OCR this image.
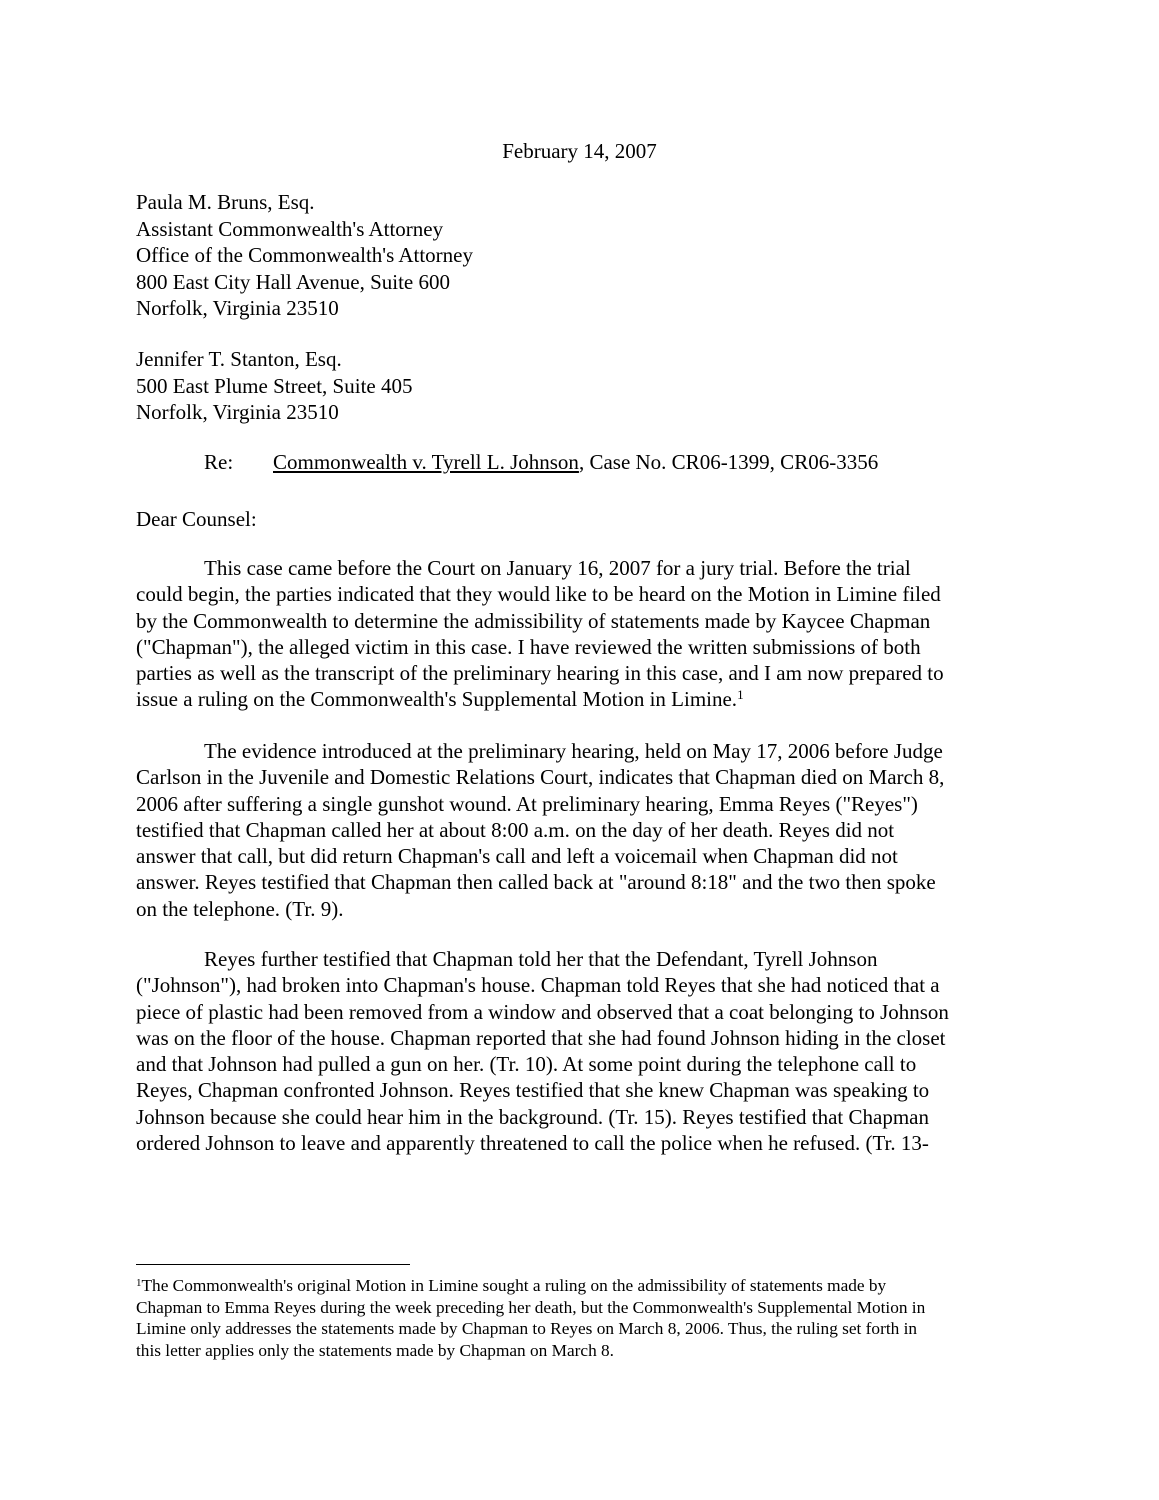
February 14, 2007
Paula M. Bruns, Esq.
Assistant Commonwealth's Attorney
Office of the Commonwealth's Attorney
800 East City Hall Avenue, Suite 600
Norfolk, Virginia 23510
Jennifer T. Stanton, Esq.
500 East Plume Street, Suite 405
Norfolk, Virginia 23510
Re: Commonwealth v. Tyrell L. Johnson, Case No. CR06-1399, CR06-3356
Dear Counsel:
This case came before the Court on January 16, 2007 for a jury trial. Before the trial
could begin, the parties indicated that they would like to be heard on the Motion in Limine filed
by the Commonwealth to determine the admissibility of statements made by Kaycee Chapman
("Chapman"), the alleged victim in this case. I have reviewed the written submissions of both
parties as well as the transcript of the preliminary hearing in this case, and I am now prepared to
issue a ruling on the Commonwealth's Supplemental Motion in Limine.$^1$
The evidence introduced at the preliminary hearing, held on May 17, 2006 before Judge
Carlson in the Juvenile and Domestic Relations Court, indicates that Chapman died on March 8,
2006 after suffering a single gunshot wound. At preliminary hearing, Emma Reyes ("Reyes")
testified that Chapman called her at about 8:00 a.m. on the day of her death. Reyes did not
answer that call, but did return Chapman's call and left a voicemail when Chapman did not
answer. Reyes testified that Chapman then called back at "around 8:18" and the two then spoke
on the telephone. (Tr. 9).
Reyes further testified that Chapman told her that the Defendant, Tyrell Johnson
("Johnson"), had broken into Chapman's house. Chapman told Reyes that she had noticed that a
piece of plastic had been removed from a window and observed that a coat belonging to Johnson
was on the floor of the house. Chapman reported that she had found Johnson hiding in the closet
and that Johnson had pulled a gun on her. (Tr. 10). At some point during the telephone call to
Reyes, Chapman confronted Johnson. Reyes testified that she knew Chapman was speaking to
Johnson because she could hear him in the background. (Tr. 15). Reyes testified that Chapman
ordered Johnson to leave and apparently threatened to call the police when he refused. (Tr. 13-
$^1$The Commonwealth's original Motion in Limine sought a ruling on the admissibility of statements made by
Chapman to Emma Reyes during the week preceding her death, but the Commonwealth's Supplemental Motion in
Limine only addresses the statements made by Chapman to Reyes on March 8, 2006. Thus, the ruling set forth in
this letter applies only the statements made by Chapman on March 8.
